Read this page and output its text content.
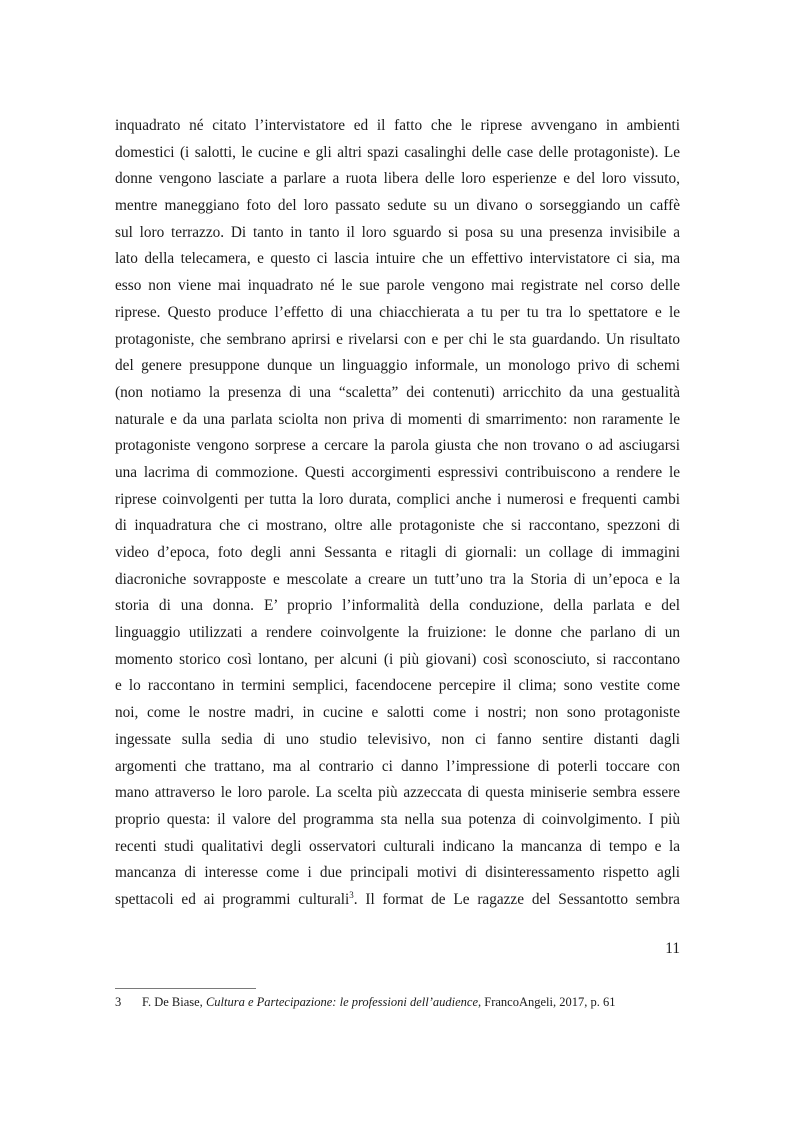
inquadrato né citato l’intervistatore ed il fatto che le riprese avvengano in ambienti
domestici (i salotti, le cucine e gli altri spazi casalinghi delle case delle protagoniste). Le
donne vengono lasciate a parlare a ruota libera delle loro esperienze e del loro vissuto,
mentre maneggiano foto del loro passato sedute su un divano o sorseggiando un caffè
sul loro terrazzo. Di tanto in tanto il loro sguardo si posa su una presenza invisibile a
lato della telecamera, e questo ci lascia intuire che un effettivo intervistatore ci sia, ma
esso non viene mai inquadrato né le sue parole vengono mai registrate nel corso delle
riprese. Questo produce l’effetto di una chiacchierata a tu per tu tra lo spettatore e le
protagoniste, che sembrano aprirsi e rivelarsi con e per chi le sta guardando. Un risultato
del genere presuppone dunque un linguaggio informale, un monologo privo di schemi
(non notiamo la presenza di una “scaletta” dei contenuti) arricchito da una gestualità
naturale e da una parlata sciolta non priva di momenti di smarrimento: non raramente le
protagoniste vengono sorprese a cercare la parola giusta che non trovano o ad asciugarsi
una lacrima di commozione. Questi accorgimenti espressivi contribuiscono a rendere le
riprese coinvolgenti per tutta la loro durata, complici anche i numerosi e frequenti cambi
di inquadratura che ci mostrano, oltre alle protagoniste che si raccontano, spezzoni di
video d’epoca, foto degli anni Sessanta e ritagli di giornali: un collage di immagini
diacroniche sovrapposte e mescolate a creare un tutt’uno tra la Storia di un’epoca e la
storia di una donna. E’ proprio l’informalità della conduzione, della parlata e del
linguaggio utilizzati a rendere coinvolgente la fruizione: le donne che parlano di un
momento storico così lontano, per alcuni (i più giovani) così sconosciuto, si raccontano
e lo raccontano in termini semplici, facendocene percepire il clima; sono vestite come
noi, come le nostre madri, in cucine e salotti come i nostri; non sono protagoniste
ingessate sulla sedia di uno studio televisivo, non ci fanno sentire distanti dagli
argomenti che trattano, ma al contrario ci danno l’impressione di poterli toccare con
mano attraverso le loro parole. La scelta più azzeccata di questa miniserie sembra essere
proprio questa: il valore del programma sta nella sua potenza di coinvolgimento. I più
recenti studi qualitativi degli osservatori culturali indicano la mancanza di tempo e la
mancanza di interesse come i due principali motivi di disinteressamento rispetto agli
spettacoli ed ai programmi culturali$^3$. Il format de Le ragazze del Sessantotto sembra
11
3 F. De Biase, Cultura e Partecipazione: le professioni dell’audience, FrancoAngeli, 2017, p. 61
